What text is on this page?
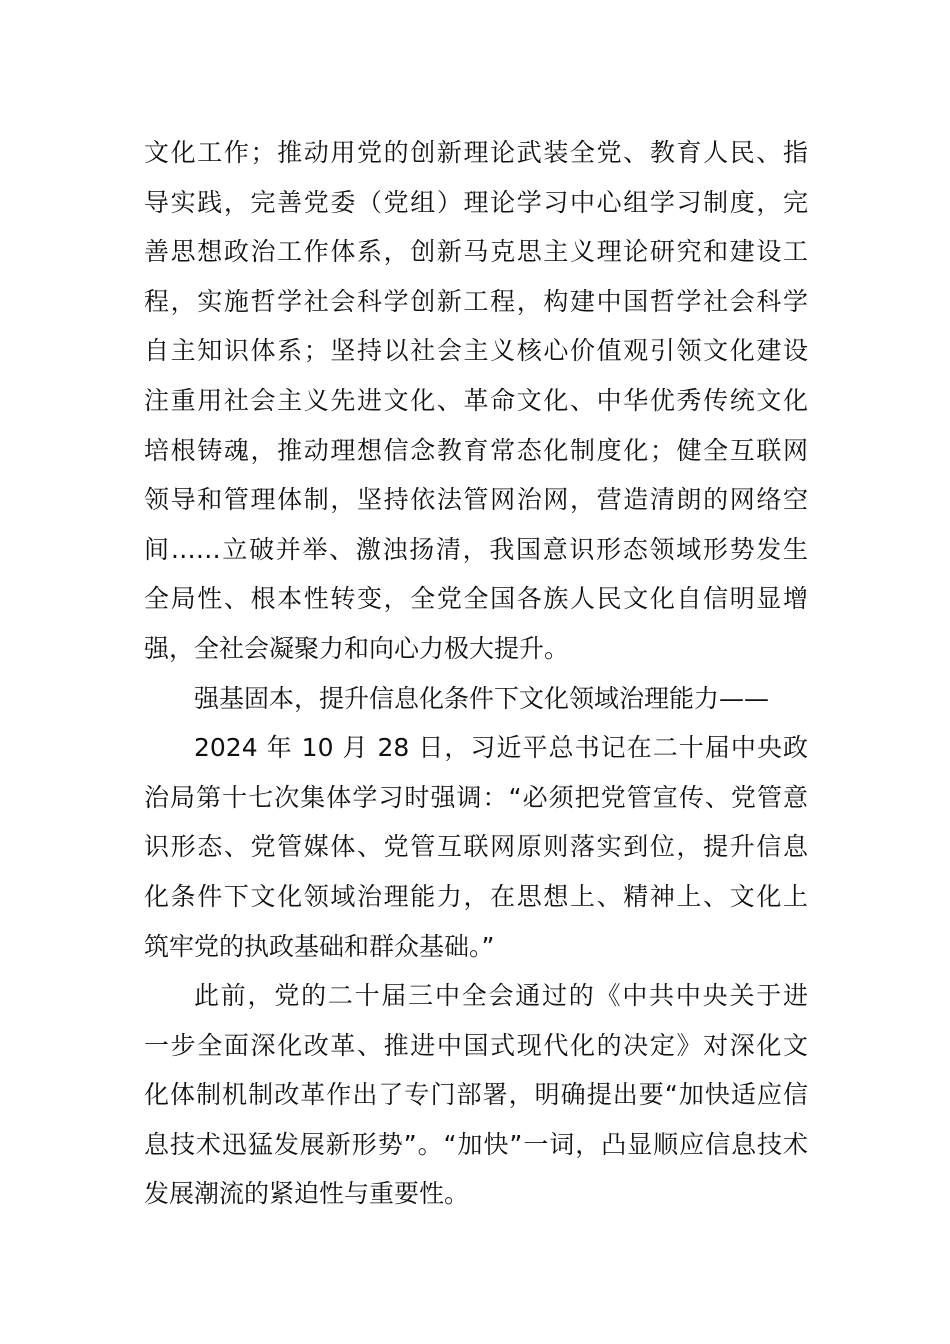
文化工作；推动用党的创新理论武装全党、教育人民、指
导实践，完善党委（党组）理论学习中心组学习制度，完
善思想政治工作体系，创新马克思主义理论研究和建设工
程，实施哲学社会科学创新工程，构建中国哲学社会科学
自主知识体系；坚持以社会主义核心价值观引领文化建设
注重用社会主义先进文化、革命文化、中华优秀传统文化
培根铸魂，推动理想信念教育常态化制度化；健全互联网
领导和管理体制，坚持依法管网治网，营造清朗的网络空
间……立破并举、激浊扬清，我国意识形态领域形势发生
全局性、根本性转变，全党全国各族人民文化自信明显增
强，全社会凝聚力和向心力极大提升。
强基固本，提升信息化条件下文化领域治理能力——
2024 年 10 月 28 日，习近平总书记在二十届中央政
治局第十七次集体学习时强调：“必须把党管宣传、党管意
识形态、党管媒体、党管互联网原则落实到位，提升信息
化条件下文化领域治理能力，在思想上、精神上、文化上
筑牢党的执政基础和群众基础。”
此前，党的二十届三中全会通过的《中共中央关于进
一步全面深化改革、推进中国式现代化的决定》对深化文
化体制机制改革作出了专门部署，明确提出要“加快适应信
息技术迅猛发展新形势”。“加快”一词，凸显顺应信息技术
发展潮流的紧迫性与重要性。
